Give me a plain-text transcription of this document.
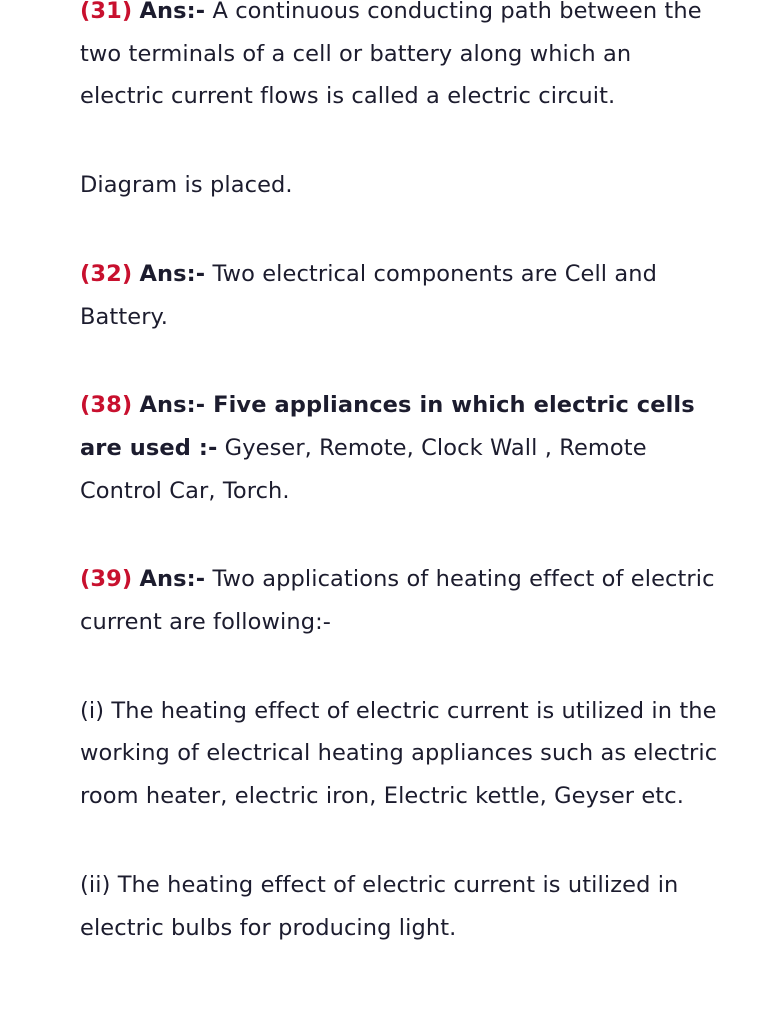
(31) Ans:- A continuous conducting path between the two terminals of a cell or battery along which an electric current flows is called a electric circuit.

Diagram is placed.

(32) Ans:- Two electrical components are Cell and Battery.

(38) Ans:- Five appliances in which electric cells are used :- Gyeser, Remote, Clock Wall , Remote Control Car, Torch.

(39) Ans:- Two applications of heating effect of electric current are following:-

(i) The heating effect of electric current is utilized in the working of electrical heating appliances such as electric room heater, electric iron, Electric kettle, Geyser etc.

(ii) The heating effect of electric current is utilized in electric bulbs for producing light.
